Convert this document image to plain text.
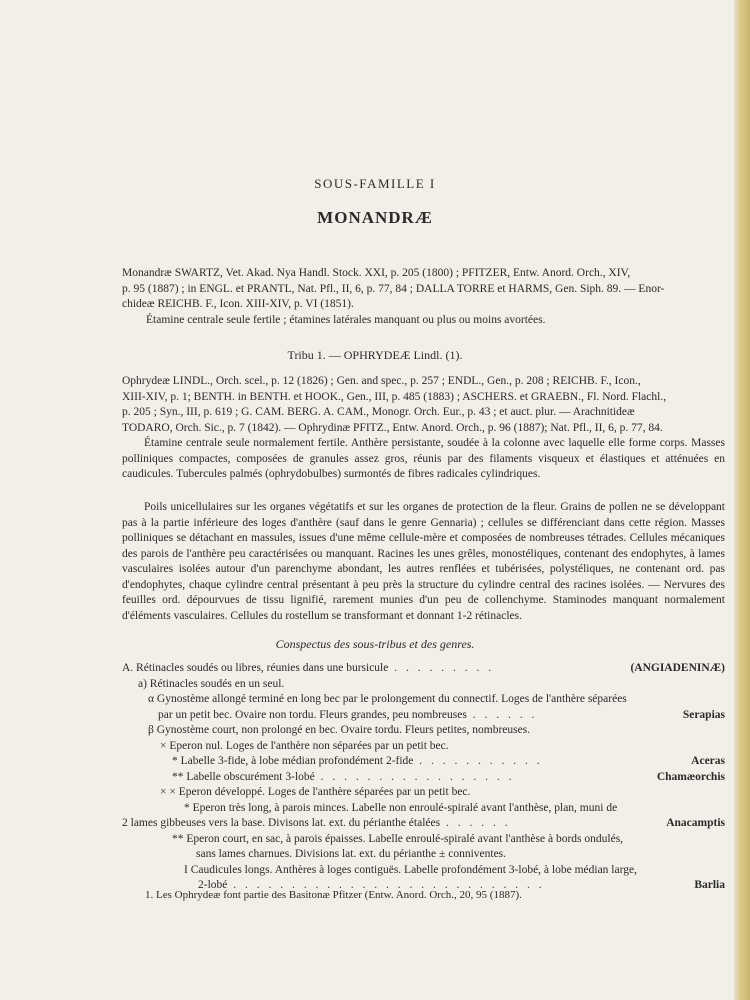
SOUS-FAMILLE I
MONANDRÆ
Monandræ SWARTZ, Vet. Akad. Nya Handl. Stock. XXI, p. 205 (1800) ; PFITZER, Entw. Anord. Orch., XIV,
p. 95 (1887) ; in ENGL. et PRANTL, Nat. Pfl., II, 6, p. 77, 84 ; DALLA TORRE et HARMS, Gen. Siph. 89. — Enor-
chideæ REICHB. F., Icon. XIII-XIV, p. VI (1851).
Étamine centrale seule fertile ; étamines latérales manquant ou plus ou moins avortées.
Tribu 1. — OPHRYDEÆ Lindl. (1).
Ophrydeæ LINDL., Orch. scel., p. 12 (1826) ; Gen. and spec., p. 257 ; ENDL., Gen., p. 208 ; REICHB. F., Icon.,
XIII-XIV, p. 1; BENTH. in BENTH. et HOOK., Gen., III, p. 485 (1883) ; ASCHERS. et GRAEBN., Fl. Nord. Flachl.,
p. 205 ; Syn., III, p. 619 ; G. CAM. BERG. A. CAM., Monogr. Orch. Eur., p. 43 ; et auct. plur. — Arachnitideæ
TODARO, Orch. Sic., p. 7 (1842). — Ophrydinæ PFITZ., Entw. Anord. Orch., p. 96 (1887); Nat. Pfl., II, 6, p. 77, 84.
Étamine centrale seule normalement fertile. Anthère persistante, soudée à la colonne avec laquelle elle forme corps. Masses polliniques compactes, composées de granules assez gros, réunis par des filaments visqueux et élastiques et atténuées en caudicules. Tubercules palmés (ophrydobulbes) surmontés de fibres radicales cylindriques.
Poils unicellulaires sur les organes végétatifs et sur les organes de protection de la fleur. Grains de pollen ne se développant pas à la partie inférieure des loges d'anthère (sauf dans le genre Gennaria) ; cellules se différenciant dans cette région. Masses polliniques se détachant en massules, issues d'une même cellule-mère et composées de nombreuses tétrades. Cellules mécaniques des parois de l'anthère peu caractérisées ou manquant. Racines les unes grêles, monostéliques, contenant des endophytes, à lames vasculaires isolées autour d'un parenchyme abondant, les autres renflées et tubérisées, polystéliques, ne contenant ord. pas d'endophytes, chaque cylindre central présentant à peu près la structure du cylindre central des racines isolées. — Nervures des feuilles ord. dépourvues de tissu lignifié, rarement munies d'un peu de collenchyme. Staminodes manquant normalement d'éléments vasculaires. Cellules du rostellum se transformant et donnant 1-2 rétinacles.
Conspectus des sous-tribus et des genres.
A. Rétinacles soudés ou libres, réunies dans une bursicule . . . . . . . . .	(ANGIADENINÆ)
a) Rétinacles soudés en un seul.
α Gynostème allongé terminé en long bec par le prolongement du connectif. Loges de l'anthère séparées
par un petit bec. Ovaire non tordu. Fleurs grandes, peu nombreuses . . . . . .	Serapias
β Gynostème court, non prolongé en bec. Ovaire tordu. Fleurs petites, nombreuses.
× Eperon nul. Loges de l'anthère non séparées par un petit bec.
* Labelle 3-fide, à lobe médian profondément 2-fide . . . . . . . . . . .	Aceras
** Labelle obscurément 3-lobé . . . . . . . . . . . . . . . . .	Chamæorchis
× × Eperon développé. Loges de l'anthère séparées par un petit bec.
* Eperon très long, à parois minces. Labelle non enroulé-spiralé avant l'anthèse, plan, muni de
2 lames gibbeuses vers la base. Divisons lat. ext. du périanthe étalées . . . . . .	Anacamptis
** Eperon court, en sac, à parois épaisses. Labelle enroulé-spiralé avant l'anthèse à bords ondulés,
sans lames charnues. Divisions lat. ext. du périanthe ± conniventes.
I Caudicules longs. Anthères à loges contiguës. Labelle profondément 3-lobé, à lobe médian large,
2-lobé . . . . . . . . . . . . . . . . . . . . . . . . . . .	Barlia
1. Les Ophrydeæ font partie des Basitonæ Pfitzer (Entw. Anord. Orch., 20, 95 (1887).
